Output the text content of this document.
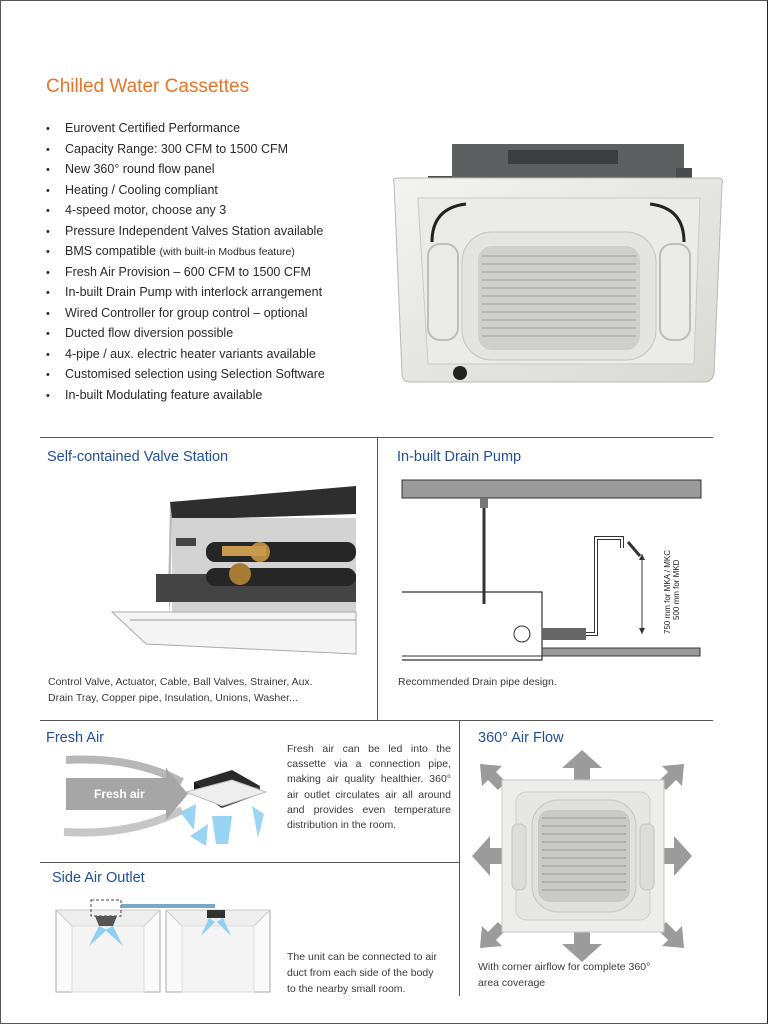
Chilled Water Cassettes
• Eurovent Certified Performance
• Capacity Range: 300 CFM to 1500 CFM
• New 360° round flow panel
• Heating / Cooling compliant
• 4-speed motor, choose any 3
• Pressure Independent Valves Station available
• BMS compatible (with built-in Modbus feature)
• Fresh Air Provision – 600 CFM to 1500 CFM
• In-built Drain Pump with interlock arrangement
• Wired Controller for group control – optional
• Ducted flow diversion possible
• 4-pipe / aux. electric heater variants available
• Customised selection using Selection Software
• In-built Modulating feature available
Self-contained Valve Station
Control Valve, Actuator, Cable, Ball Valves, Strainer, Aux.
Drain Tray, Copper pipe, Insulation, Unions, Washer...
In-built Drain Pump
750 mm for MKA / MKC 500 mm for MKD
Recommended Drain pipe design.
Fresh Air
Fresh air
Fresh air can be led into the cassette via a connection pipe, making air quality healthier. 360° air outlet circulates air all around and provides even temperature distribution in the room.
Side Air Outlet
The unit can be connected to air
duct from each side of the body
to the nearby small room.
360° Air Flow
With corner airflow for complete 360°
area coverage
